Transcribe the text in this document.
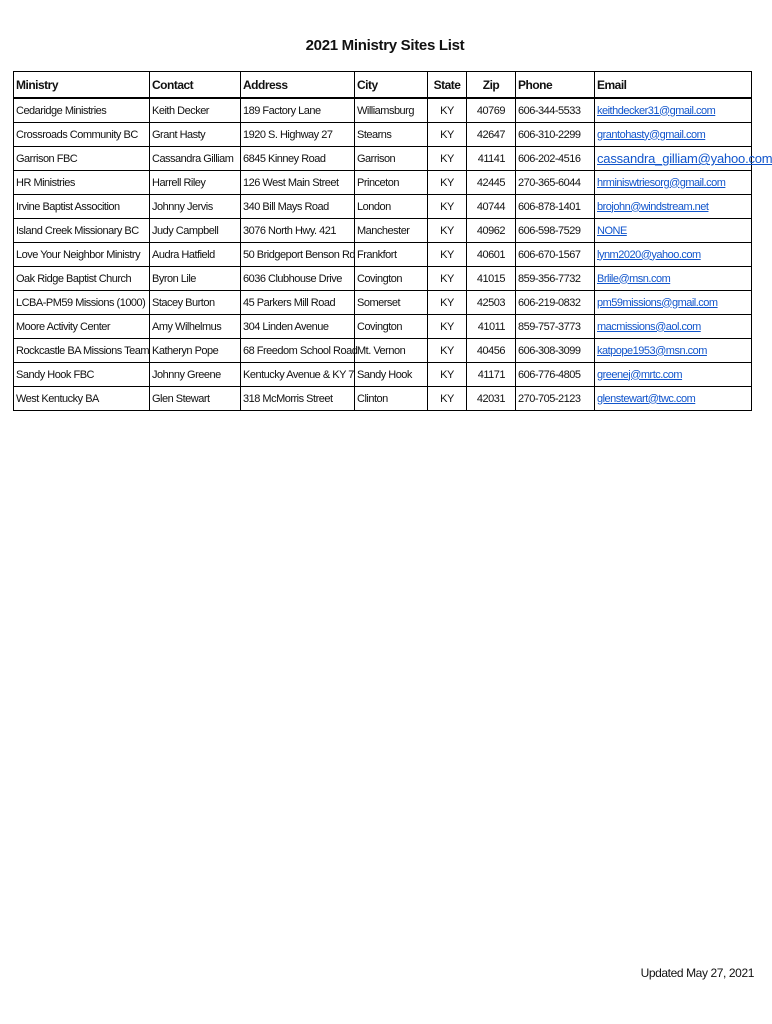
2021 Ministry Sites List
Ministry	Contact	Address	City	State	Zip	Phone	Email
Cedaridge Ministries	Keith Decker	189 Factory Lane	Williamsburg	KY	40769	606-344-5533	keithdecker31@gmail.com
Crossroads Community BC	Grant Hasty	1920 S. Highway 27	Stearns	KY	42647	606-310-2299	grantohasty@gmail.com
Garrison FBC	Cassandra Gilliam	6845 Kinney Road	Garrison	KY	41141	606-202-4516	cassandra_gilliam@yahoo.com
HR Ministries	Harrell Riley	126 West Main Street	Princeton	KY	42445	270-365-6044	hrminiswtriesorg@gmail.com
Irvine Baptist Assocition	Johnny Jervis	340 Bill Mays Road	London	KY	40744	606-878-1401	brojohn@windstream.net
Island Creek Missionary BC	Judy Campbell	3076 North Hwy. 421	Manchester	KY	40962	606-598-7529	NONE
Love Your Neighbor Ministry	Audra Hatfield	50 Bridgeport Benson Rd	Frankfort	KY	40601	606-670-1567	lynm2020@yahoo.com
Oak Ridge Baptist Church	Byron Lile	6036 Clubhouse Drive	Covington	KY	41015	859-356-7732	Brlile@msn.com
LCBA-PM59 Missions (1000)	Stacey Burton	45 Parkers Mill Road	Somerset	KY	42503	606-219-0832	pm59missions@gmail.com
Moore Activity Center	Amy Wilhelmus	304 Linden Avenue	Covington	KY	41011	859-757-3773	macmissions@aol.com
Rockcastle BA Missions Team	Katheryn Pope	68 Freedom School Road	Mt. Vernon	KY	40456	606-308-3099	katpope1953@msn.com
Sandy Hook FBC	Johnny Greene	Kentucky Avenue & KY 7	Sandy Hook	KY	41171	606-776-4805	greenej@mrtc.com
West Kentucky BA	Glen Stewart	318 McMorris Street	Clinton	KY	42031	270-705-2123	glenstewart@twc.com
Updated May 27, 2021
